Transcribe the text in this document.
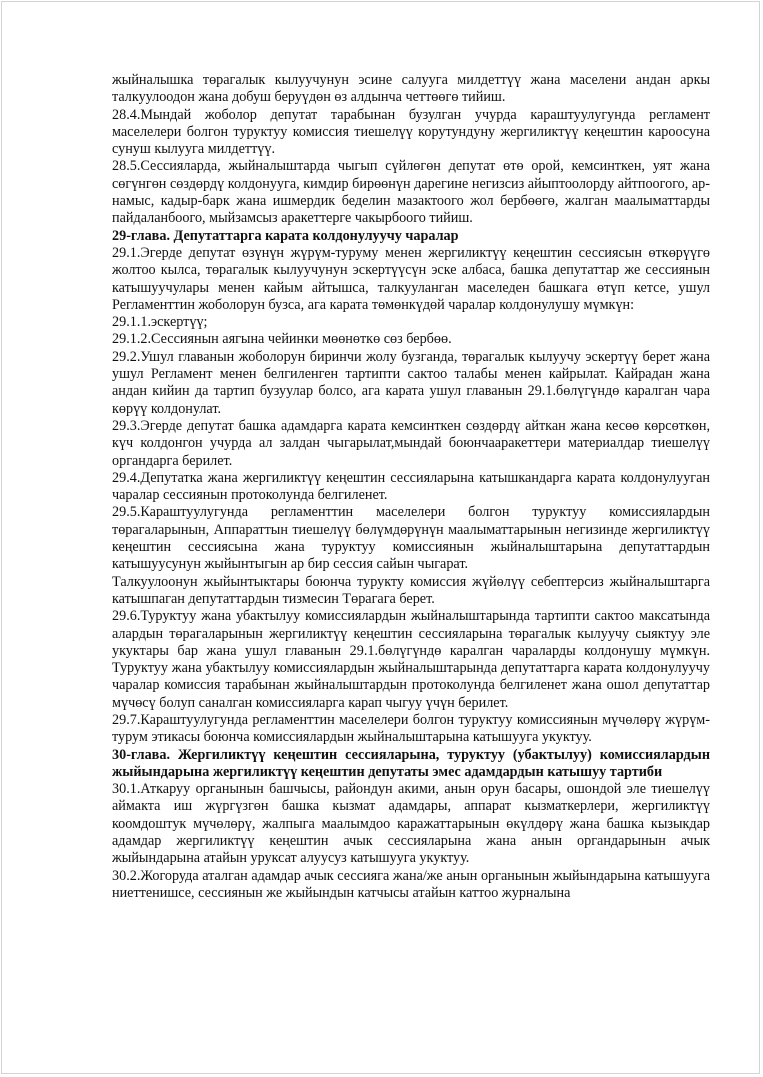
жыйналышка төрагалык кылуучунун эсине салууга милдеттүү жана маселени андан аркы талкуулоодон жана добуш беруүдөн өз алдынча четтөөгө тийиш.

28.4.Мындай жоболор депутат тарабынан бузулган учурда караштуулугунда регламент маселелери болгон туруктуу комиссия тиешелүү корутундуну жергиликтүү кеңештин кароосуна сунуш кылууга милдеттүү.

28.5.Сессияларда, жыйналыштарда чыгып сүйлөгөн депутат өтө орой, кемсинткен, уят жана сөгүнгөн сөздөрдү колдонууга, кимдир бирөөнүн дарегине негизсиз айыптоолорду айтпоогого, ар-намыс, кадыр-барк жана ишмердик беделин мазактоого жол бербөөгө, жалган маалыматтарды пайдаланбоого, мыйзамсыз аракеттерге чакырбоого тийиш.

29-глава. Депутаттарга карата колдонулуучу чаралар

29.1.Эгерде депутат өзүнүн жүрүм-турумy менен жергиликтүү кеңештин сессиясын өткөрүүгө жолтоо кылса, төрагалык кылуучунун эскертүүсүн эске албаса, башка депутаттар же сессиянын катышуучулары менен кайым айтышса, талкууланган маселеден башкага өтүп кетсе, ушул Регламенттин жоболорун бузса, ага карата төмөнкүдөй чаралар колдонулушу мүмкүн:

29.1.1.эскертүү;

29.1.2.Сессиянын аягына чейинки мөөнөткө сөз бербөө.

29.2.Ушул главанын жоболорун биринчи жолу бузганда, төрагалык кылуучу эскертүү берет жана ушул Регламент менен белгиленген тартипти сактоо талабы менен кайрылат. Кайрадан жана андан кийин да тартип бузуулар болсо, ага карата ушул главанын 29.1.бөлүгүндө каралган чара көрүү колдонулат.

29.3.Эгерде депутат башка адамдарга карата кемсинткен сөздөрдү айткан жана кесөө көрсөткөн, күч колдонгон учурда ал залдан чыгарылат,мындай боюнчааракеттери материалдар тиешелүү органдарга берилет.

29.4.Депутатка жана жергиликтүү кеңештин сессияларына катышкандарга карата колдонулууган чаралар сессиянын протоколунда белгиленет.

29.5.Караштуулугунда регламенттин маселелери болгон туруктуу комиссиялардын төрагаларынын, Аппараттын тиешелүү бөлүмдөрүнүн маалыматтарынын негизинде жергиликтүү кеңештин сессиясына жана туруктуу комиссиянын жыйналыштарына депутаттардын катышуусунун жыйынтыгын ар бир сессия сайын чыгарат.

Талкуулоонун жыйынтыктары боюнча турукту комиссия жүйөлүү себептерсиз жыйналыштарга катышпаган депутаттардын тизмесин Төрагага берет.

29.6.Туруктуу жана убактылуу комиссиялардын жыйналыштарында тартипти сактоо максатында алардын төрагаларынын жергиликтүү кеңештин сессияларына төрагалык кылуучу сыяктуу эле укуктары бар жана ушул главанын 29.1.бөлүгүндө каралган чараларды колдонушу мүмкүн. Туруктуу жана убактылуу комиссиялардын жыйналыштарында депутаттарга карата колдонулуучу чаралар комиссия тарабынан жыйналыштардын протоколунда белгиленет жана ошол депутаттар мүчөсү болуп саналган комиссияларга карап чыгуу үчүн берилет.

29.7.Караштуулугунда регламенттин маселелери болгон туруктуу комиссиянын мүчөлөрү жүрүм-турум этикасы боюнча комиссиялардын жыйналыштарына катышууга укуктуу.

30-глава. Жергиликтүү кеңештин сессияларына, туруктуу (убактылуу) комиссиялардын жыйындарына жергиликтүү кеңештин депутаты эмес адамдардын катышуу тартиби

30.1.Аткаруу органынын башчысы, райондун акими, анын орун басары, ошондой эле тиешелүү аймакта иш жүргүзгөн башка кызмат адамдары, аппарат кызматкерлери, жергиликтүү коомдоштук мүчөлөрү, жалпыга маалымдоо каражаттарынын өкүлдөрү жана башка кызыкдар адамдар жергиликтүү кеңештин ачык сессияларына жана анын органдарынын ачык жыйындарына атайын уруксат алуусуз катышууга укуктуу.

30.2.Жогоруда аталган адамдар ачык сессияга жана/же анын органынын жыйындарына катышууга ниеттенишсе, сессиянын же жыйындын катчысы атайын каттоо журналына
